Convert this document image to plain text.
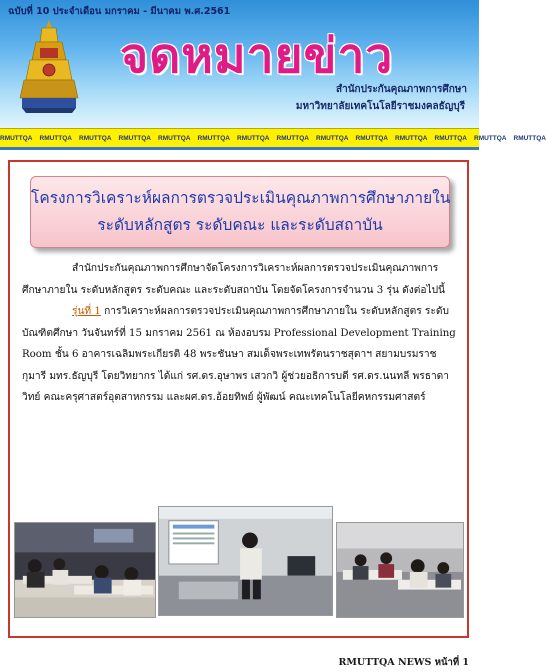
ฉบับที่ 10 ประจำเดือน มกราคม - มีนาคม พ.ศ.2561
จดหมายข่าว
สำนักประกันคุณภาพการศึกษา
มหาวิทยาลัยเทคโนโลยีราชมงคลธัญบุรี
RMUTTQA RMUTTQA RMUTTQA RMUTTQA RMUTTQA RMUTTQA RMUTTQA RMUTTQA RMUTTQA RMUTTQA RMUTTQA RMUTTQA RMUTTQA RMUTTQA
โครงการวิเคราะห์ผลการตรวจประเมินคุณภาพการศึกษาภายใน
ระดับหลักสูตร ระดับคณะ และระดับสถาบัน

สำนักประกันคุณภาพการศึกษาจัดโครงการวิเคราะห์ผลการตรวจประเมินคุณภาพการศึกษาภายใน ระดับหลักสูตร ระดับคณะ และระดับสถาบัน โดยจัดโครงการจำนวน 3 รุ่น ดังต่อไปนี้

รุ่นที่ 1 การวิเคราะห์ผลการตรวจประเมินคุณภาพการศึกษาภายใน ระดับหลักสูตร ระดับบัณฑิตศึกษา วันจันทร์ที่ 15 มกราคม 2561 ณ ห้องอบรม Professional Development Training Room ชั้น 6 อาคารเฉลิมพระเกียรติ 48 พระชันษา สมเด็จพระเทพรัตนราชสุดาฯ สยามบรมราชกุมารี มทร.ธัญบุรี โดยวิทยากร ได้แก่ รศ.ดร.อุษาพร เสวกวิ ผู้ช่วยอธิการบดี รศ.ดร.นนทลี พรธาดาวิทย์ คณะครุศาสตร์อุตสาหกรรม และผศ.ดร.อ้อยทิพย์ ผู้พัฒน์ คณะเทคโนโลยีคหกรรมศาสตร์

RMUTTQA NEWS หน้าที่ 1
